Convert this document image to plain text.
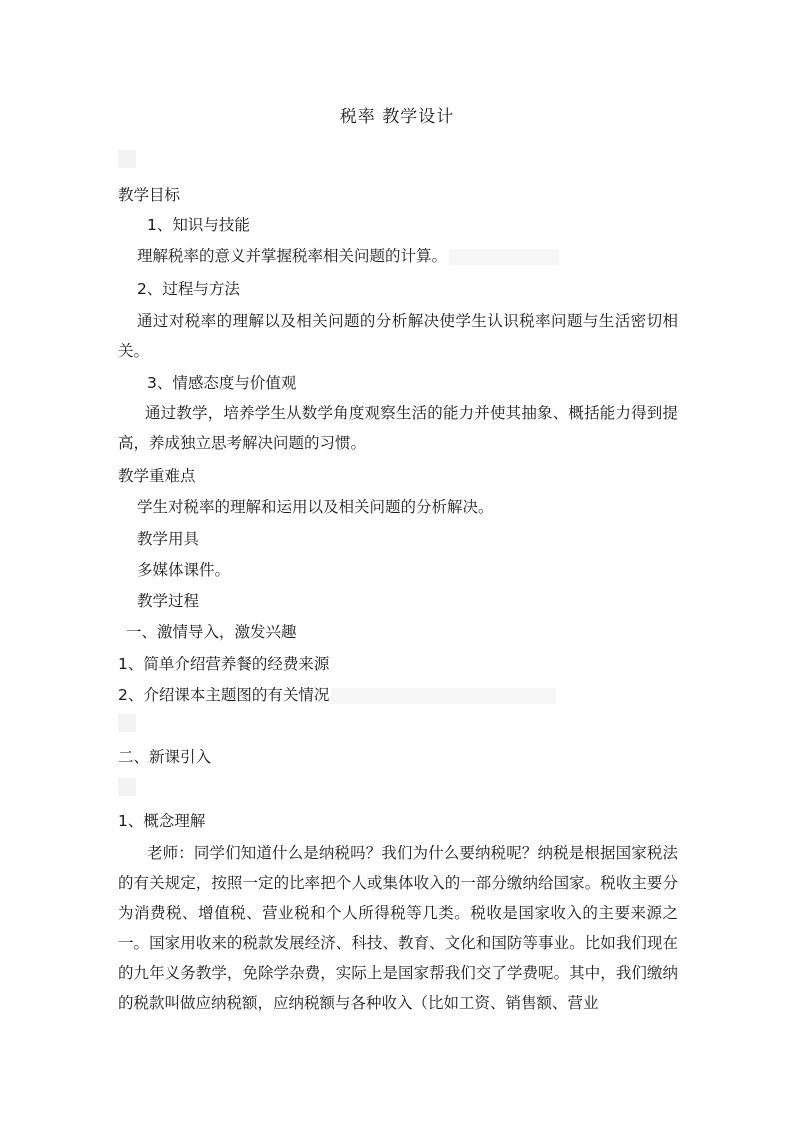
税率 教学设计
教学目标
1、知识与技能
理解税率的意义并掌握税率相关问题的计算。
2、过程与方法
通过对税率的理解以及相关问题的分析解决使学生认识税率问题与生活密切相关。
3、情感态度与价值观
通过教学，培养学生从数学角度观察生活的能力并使其抽象、概括能力得到提高，养成独立思考解决问题的习惯。
教学重难点
学生对税率的理解和运用以及相关问题的分析解决。
教学用具
多媒体课件。
教学过程
一、激情导入，激发兴趣
1、简单介绍营养餐的经费来源
2、介绍课本主题图的有关情况
二、新课引入
1、概念理解
老师：同学们知道什么是纳税吗？我们为什么要纳税呢？纳税是根据国家税法的有关规定，按照一定的比率把个人或集体收入的一部分缴纳给国家。税收主要分为消费税、增值税、营业税和个人所得税等几类。税收是国家收入的主要来源之一。国家用收来的税款发展经济、科技、教育、文化和国防等事业。比如我们现在的九年义务教学，免除学杂费，实际上是国家帮我们交了学费呢。其中，我们缴纳的税款叫做应纳税额，应纳税额与各种收入（比如工资、销售额、营业
